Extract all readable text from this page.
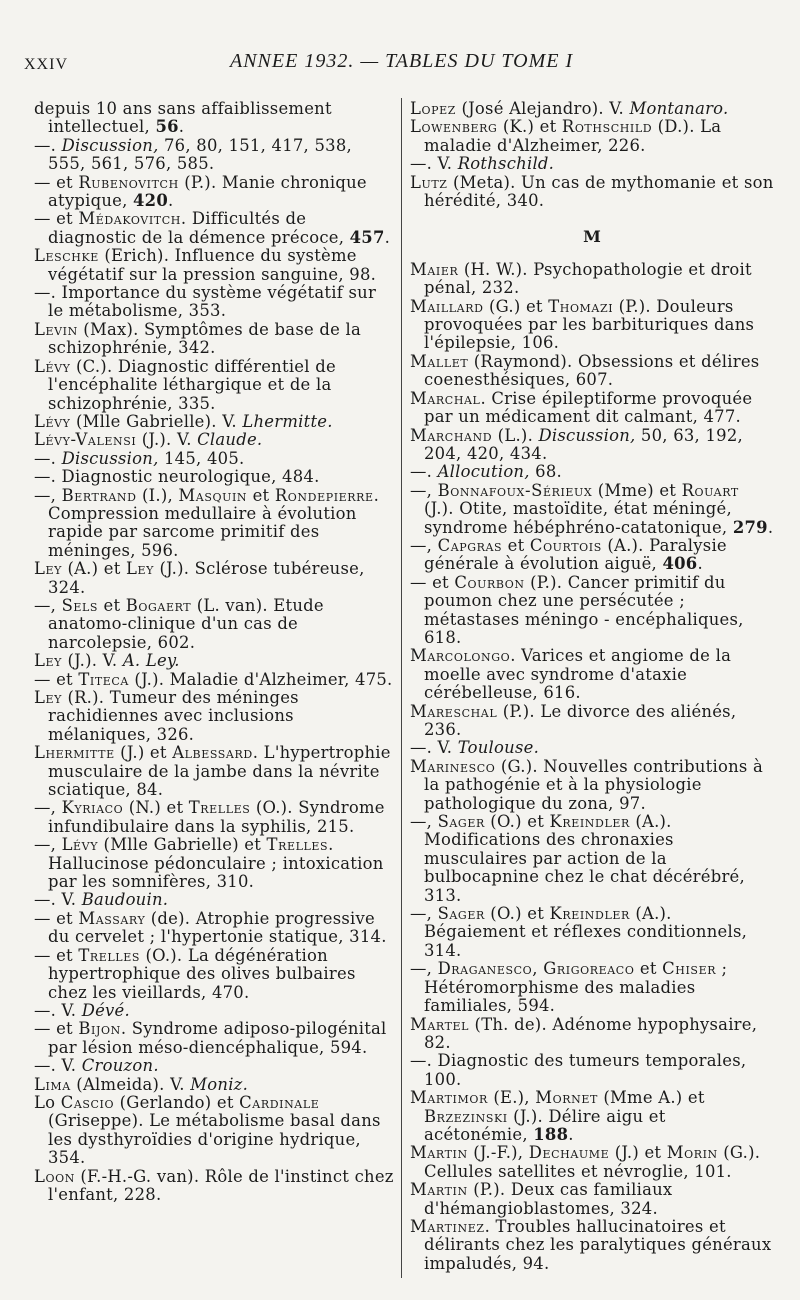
XXIV	ANNEE 1932. — TABLES DU TOME I

depuis 10 ans sans affaiblissement intellectuel, 56.

—. Discussion, 76, 80, 151, 417, 538, 555, 561, 576, 585.

— et Rubenovitch (P.). Manie chronique atypique, 420.

— et Médakovitch. Difficultés de diagnostic de la démence précoce, 457.

Leschke (Erich). Influence du système végétatif sur la pression sanguine, 98.

—. Importance du système végétatif sur le métabolisme, 353.

Levin (Max). Symptômes de base de la schizophrénie, 342.

Lévy (C.). Diagnostic différentiel de l'encéphalite léthargique et de la schizophrénie, 335.

Lévy (Mlle Gabrielle). V. Lhermitte.

Lévy-Valensi (J.). V. Claude.

—. Discussion, 145, 405.

—. Diagnostic neurologique, 484.

—, Bertrand (I.), Masquin et Rondepierre. Compression medullaire à évolution rapide par sarcome primitif des méninges, 596.

Ley (A.) et Ley (J.). Sclérose tubéreuse, 324.

—, Sels et Bogaert (L. van). Etude anatomo-clinique d'un cas de narcolepsie, 602.

Ley (J.). V. A. Ley.

— et Titeca (J.). Maladie d'Alzheimer, 475.

Ley (R.). Tumeur des méninges rachidiennes avec inclusions mélaniques, 326.

Lhermitte (J.) et Albessard. L'hypertrophie musculaire de la jambe dans la névrite sciatique, 84.

—, Kyriaco (N.) et Trelles (O.). Syndrome infundibulaire dans la syphilis, 215.

—, Lévy (Mlle Gabrielle) et Trelles. Hallucinose pédonculaire ; intoxication par les somnifères, 310.

—. V. Baudouin.

— et Massary (de). Atrophie progressive du cervelet ; l'hypertonie statique, 314.

— et Trelles (O.). La dégénération hypertrophique des olives bulbaires chez les vieillards, 470.

—. V. Dévé.

— et Bijon. Syndrome adiposo-pilogénital par lésion méso-diencéphalique, 594.

—. V. Crouzon.

Lima (Almeida). V. Moniz.

Lo Cascio (Gerlando) et Cardinale (Griseppe). Le métabolisme basal dans les dysthyroïdies d'origine hydrique, 354.

Loon (F.-H.-G. van). Rôle de l'instinct chez l'enfant, 228.

Lopez (José Alejandro). V. Montanaro.

Lowenberg (K.) et Rothschild (D.). La maladie d'Alzheimer, 226.

—. V. Rothschild.

Lutz (Meta). Un cas de mythomanie et son hérédité, 340.

M

Maier (H. W.). Psychopathologie et droit pénal, 232.

Maillard (G.) et Thomazi (P.). Douleurs provoquées par les barbituriques dans l'épilepsie, 106.

Mallet (Raymond). Obsessions et délires coenesthésiques, 607.

Marchal. Crise épileptiforme provoquée par un médicament dit calmant, 477.

Marchand (L.). Discussion, 50, 63, 192, 204, 420, 434.

—. Allocution, 68.

—, Bonnafoux-Sérieux (Mme) et Rouart (J.). Otite, mastoïdite, état méningé, syndrome hébéphréno-catatonique, 279.

—, Capgras et Courtois (A.). Paralysie générale à évolution aiguë, 406.

— et Courbon (P.). Cancer primitif du poumon chez une persécutée ; métastases méningo - encéphaliques, 618.

Marcolongo. Varices et angiome de la moelle avec syndrome d'ataxie cérébelleuse, 616.

Mareschal (P.). Le divorce des aliénés, 236.

—. V. Toulouse.

Marinesco (G.). Nouvelles contributions à la pathogénie et à la physiologie pathologique du zona, 97.

—, Sager (O.) et Kreindler (A.). Modifications des chronaxies musculaires par action de la bulbocapnine chez le chat décérébré, 313.

—, Sager (O.) et Kreindler (A.). Bégaiement et réflexes conditionnels, 314.

—, Draganesco, Grigoreaco et Chiser ; Hétéromorphisme des maladies familiales, 594.

Martel (Th. de). Adénome hypophysaire, 82.

—. Diagnostic des tumeurs temporales, 100.

Martimor (E.), Mornet (Mme A.) et Brzezinski (J.). Délire aigu et acétonémie, 188.

Martin (J.-F.), Dechaume (J.) et Morin (G.). Cellules satellites et névroglie, 101.

Martin (P.). Deux cas familiaux d'hémangioblastomes, 324.

Martinez. Troubles hallucinatoires et délirants chez les paralytiques généraux impaludés, 94.
